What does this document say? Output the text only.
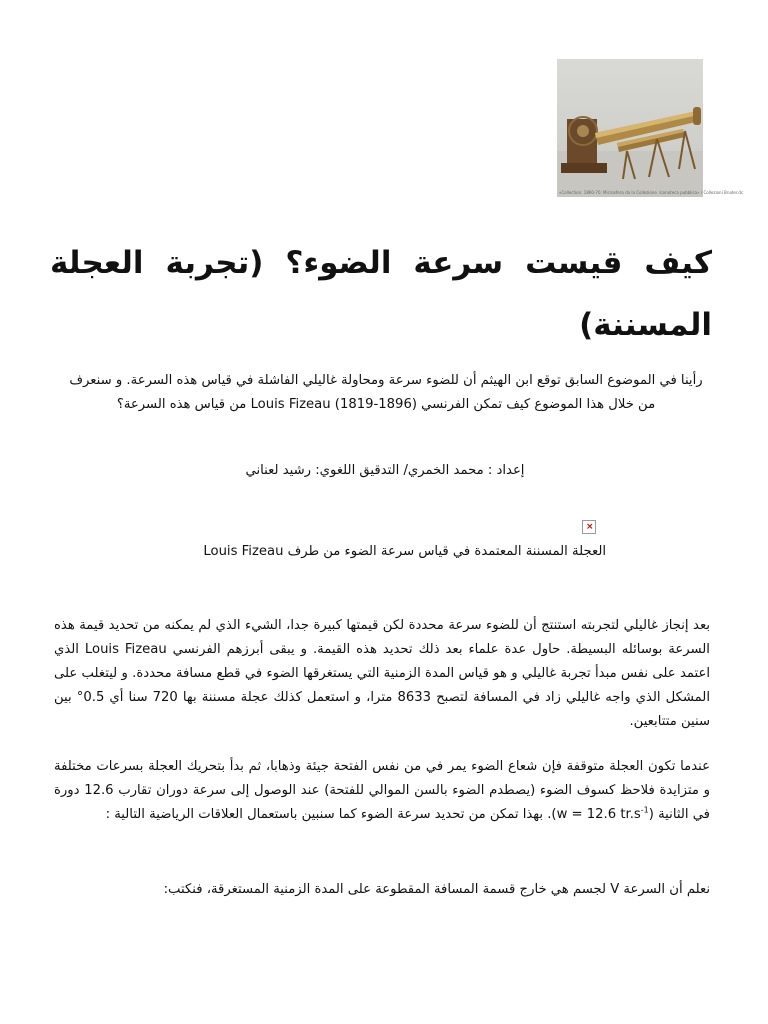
«Collection: 1860-70. Microsfera da la Collezione. Iconoteca pubblica» / Collezioni Bruder.dc
كيف قيست سرعة الضوء؟ (تجربة العجلة المسننة)

رأينا في الموضوع السابق توقع ابن الهيثم أن للضوء سرعة ومحاولة غاليلي الفاشلة في قياس هذه السرعة. و سنعرف من خلال هذا الموضوع كيف تمكن الفرنسي (1896-1819) Louis Fizeau من قياس هذه السرعة؟

إعداد : محمد الخمري/ التدقيق اللغوي: رشيد لعناني

×

العجلة المسننة المعتمدة في قياس سرعة الضوء من طرف Louis Fizeau

بعد إنجاز غاليلي لتجربته استنتج أن للضوء سرعة محددة لكن قيمتها كبيرة جدا، الشيء الذي لم يمكنه من تحديد قيمة هذه السرعة بوسائله البسيطة. حاول عدة علماء بعد ذلك تحديد هذه القيمة. و يبقى أبرزهم الفرنسي Louis Fizeau الذي اعتمد على نفس مبدأ تجربة غاليلي و هو قياس المدة الزمنية التي يستغرقها الضوء في قطع مسافة محددة. و ليتغلب على المشكل الذي واجه غاليلي زاد في المسافة لتصبح 8633 مترا، و استعمل كذلك عجلة مسننة بها 720 سنا أي 0.5° بين سنين متتابعين.

عندما تكون العجلة متوقفة فإن شعاع الضوء يمر في من نفس الفتحة جيئة وذهابا، ثم بدأ بتحريك العجلة بسرعات مختلفة و متزايدة فلاحظ كسوف الضوء (يصطدم الضوء بالسن الموالي للفتحة) عند الوصول إلى سرعة دوران تقارب 12.6 دورة في الثانية (w = 12.6 $tr.s^{-1}$). بهذا تمكن من تحديد سرعة الضوء كما سنبين باستعمال العلاقات الرياضية التالية :

نعلم أن السرعة V لجسم هي خارج قسمة المسافة المقطوعة على المدة الزمنية المستغرقة، فنكتب:
